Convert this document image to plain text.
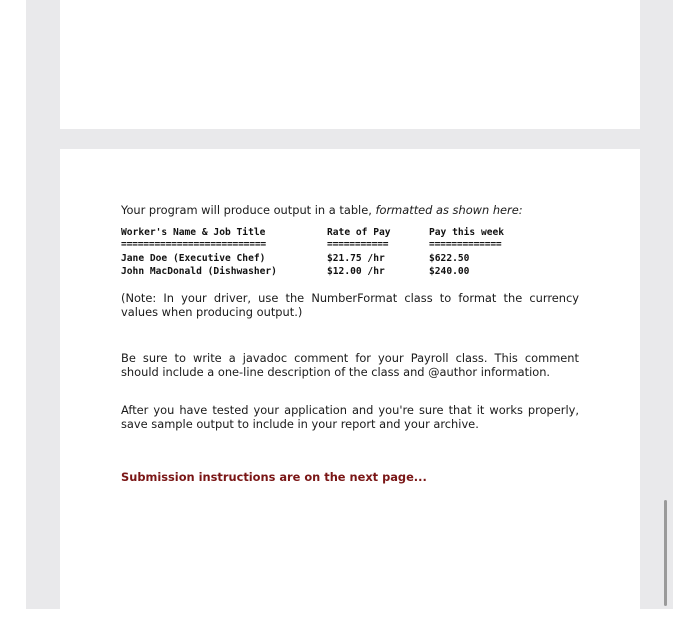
Your program will produce output in a table, formatted as shown here:

Worker's Name & Job Title	Rate of Pay	Pay this week
==========================	===========	=============
Jane Doe (Executive Chef)	$21.75 /hr	$622.50
John MacDonald (Dishwasher)	$12.00 /hr	$240.00

(Note: In your driver, use the NumberFormat class to format the currency values when producing output.)

Be sure to write a javadoc comment for your Payroll class. This comment should include a one-line description of the class and @author information.

After you have tested your application and you're sure that it works properly, save sample output to include in your report and your archive.

Submission instructions are on the next page...
